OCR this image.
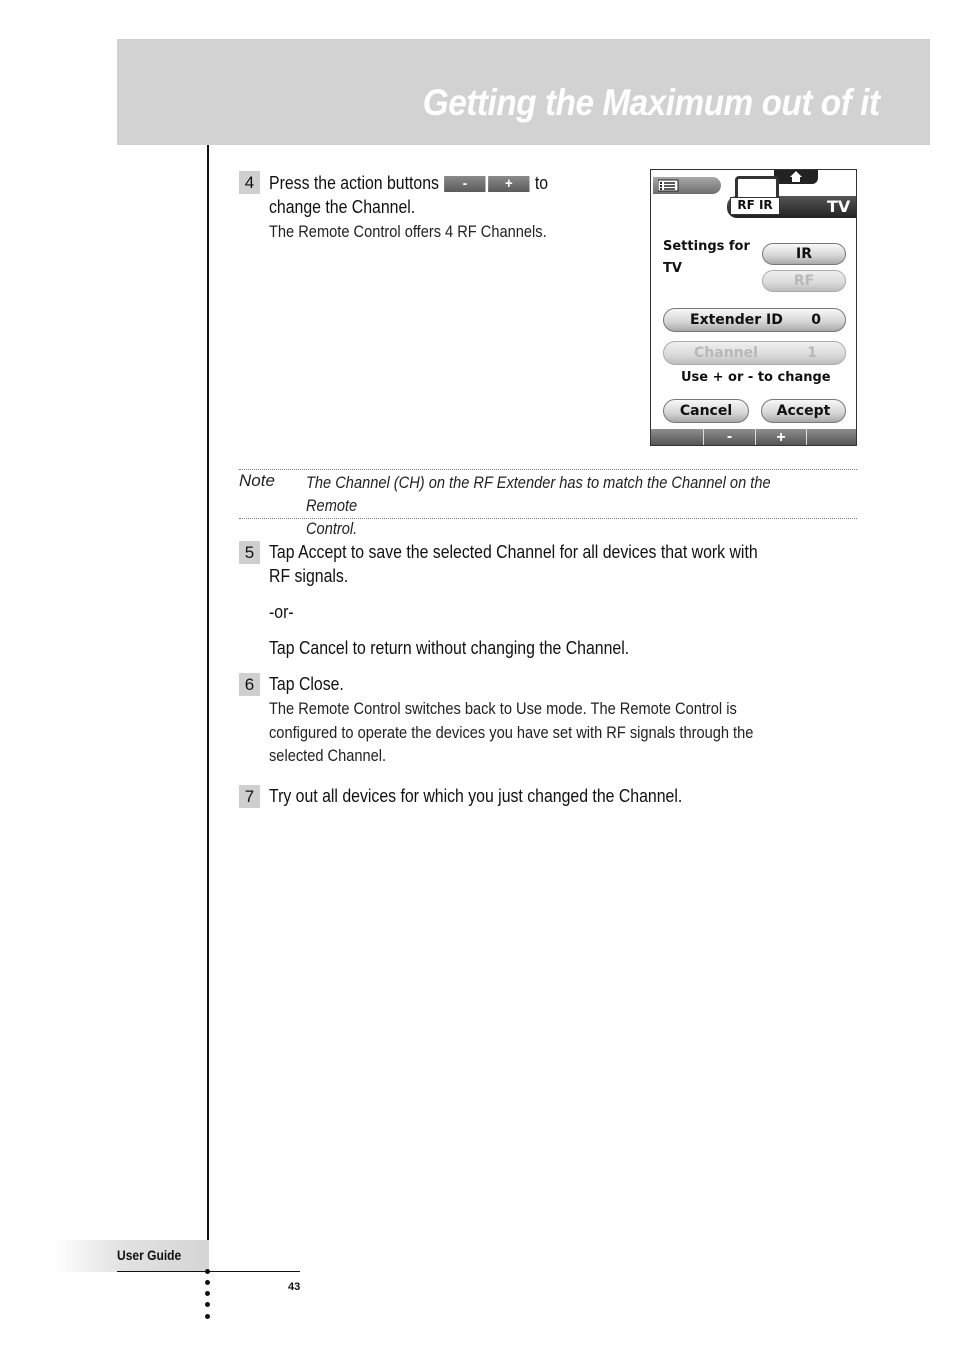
Getting the Maximum out of it
4 Press the action buttons	-	+	to
change the Channel.
The Remote Control offers 4 RF Channels.
RF IR	TV
Settings for
TV
IR
RF
Extender ID 0
Channel	1
Use + or - to change
Cancel	Accept
-	+
Note The Channel (CH) on the RF Extender has to match the Channel on the Remote
Control.
5 Tap Accept to save the selected Channel for all devices that work with
RF signals.
-or-
Tap Cancel to return without changing the Channel.
6 Tap Close.
The Remote Control switches back to Use mode. The Remote Control is
configured to operate the devices you have set with RF signals through the
selected Channel.
7 Try out all devices for which you just changed the Channel.
User Guide
43
